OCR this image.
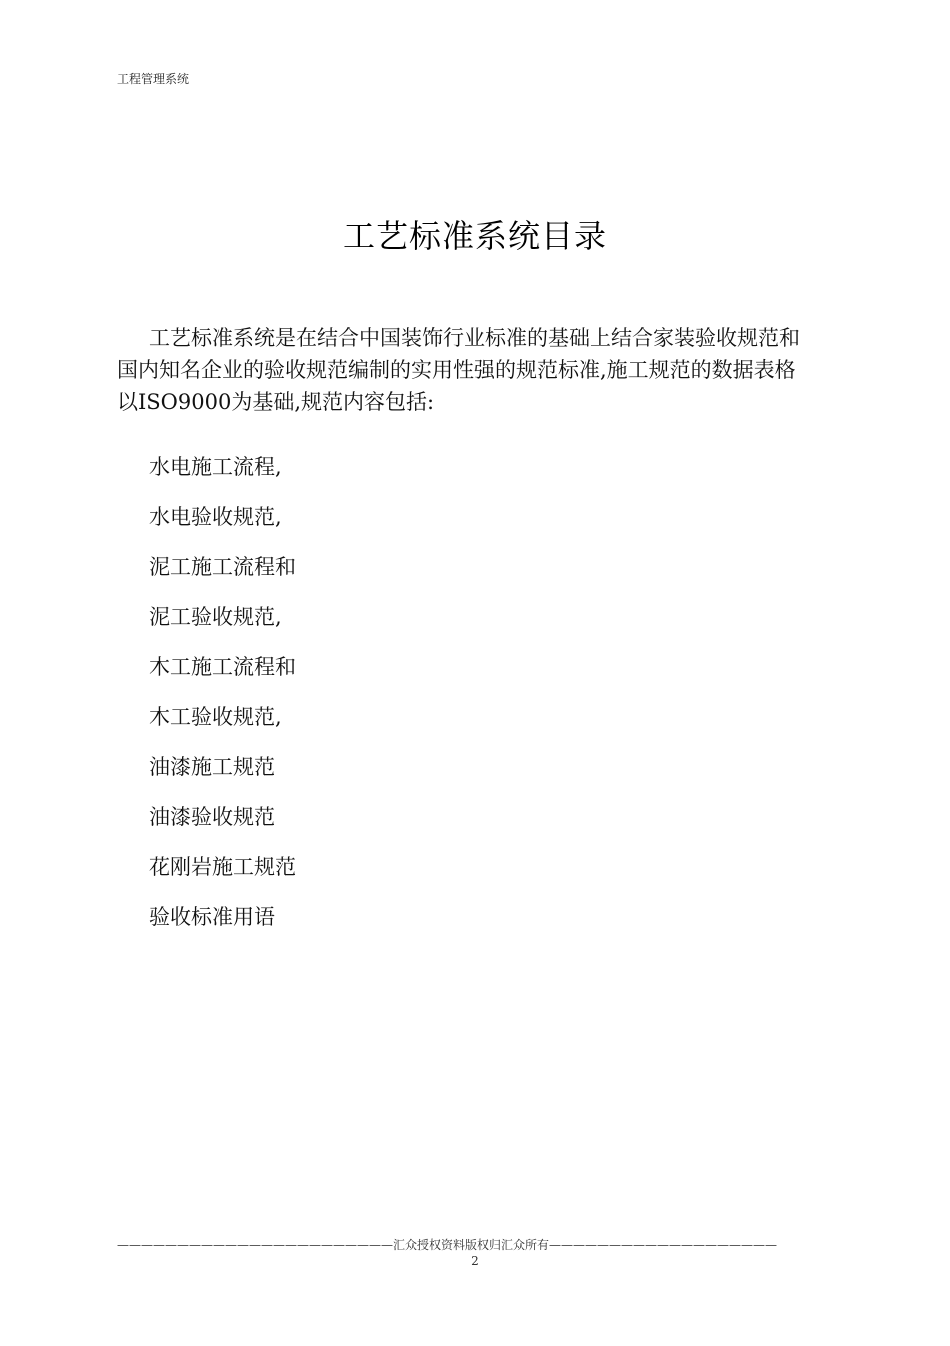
工程管理系统
工艺标准系统目录

工艺标准系统是在结合中国装饰行业标准的基础上结合家装验收规范和国内知名企业的验收规范编制的实用性强的规范标准,施工规范的数据表格以ISO9000为基础,规范内容包括:

水电施工流程,
水电验收规范,
泥工施工流程和
泥工验收规范,
木工施工流程和
木工验收规范,
油漆施工规范
油漆验收规范
花刚岩施工规范
验收标准用语
———————————————————————汇众授权资料版权归汇众所有———————————————————
2
